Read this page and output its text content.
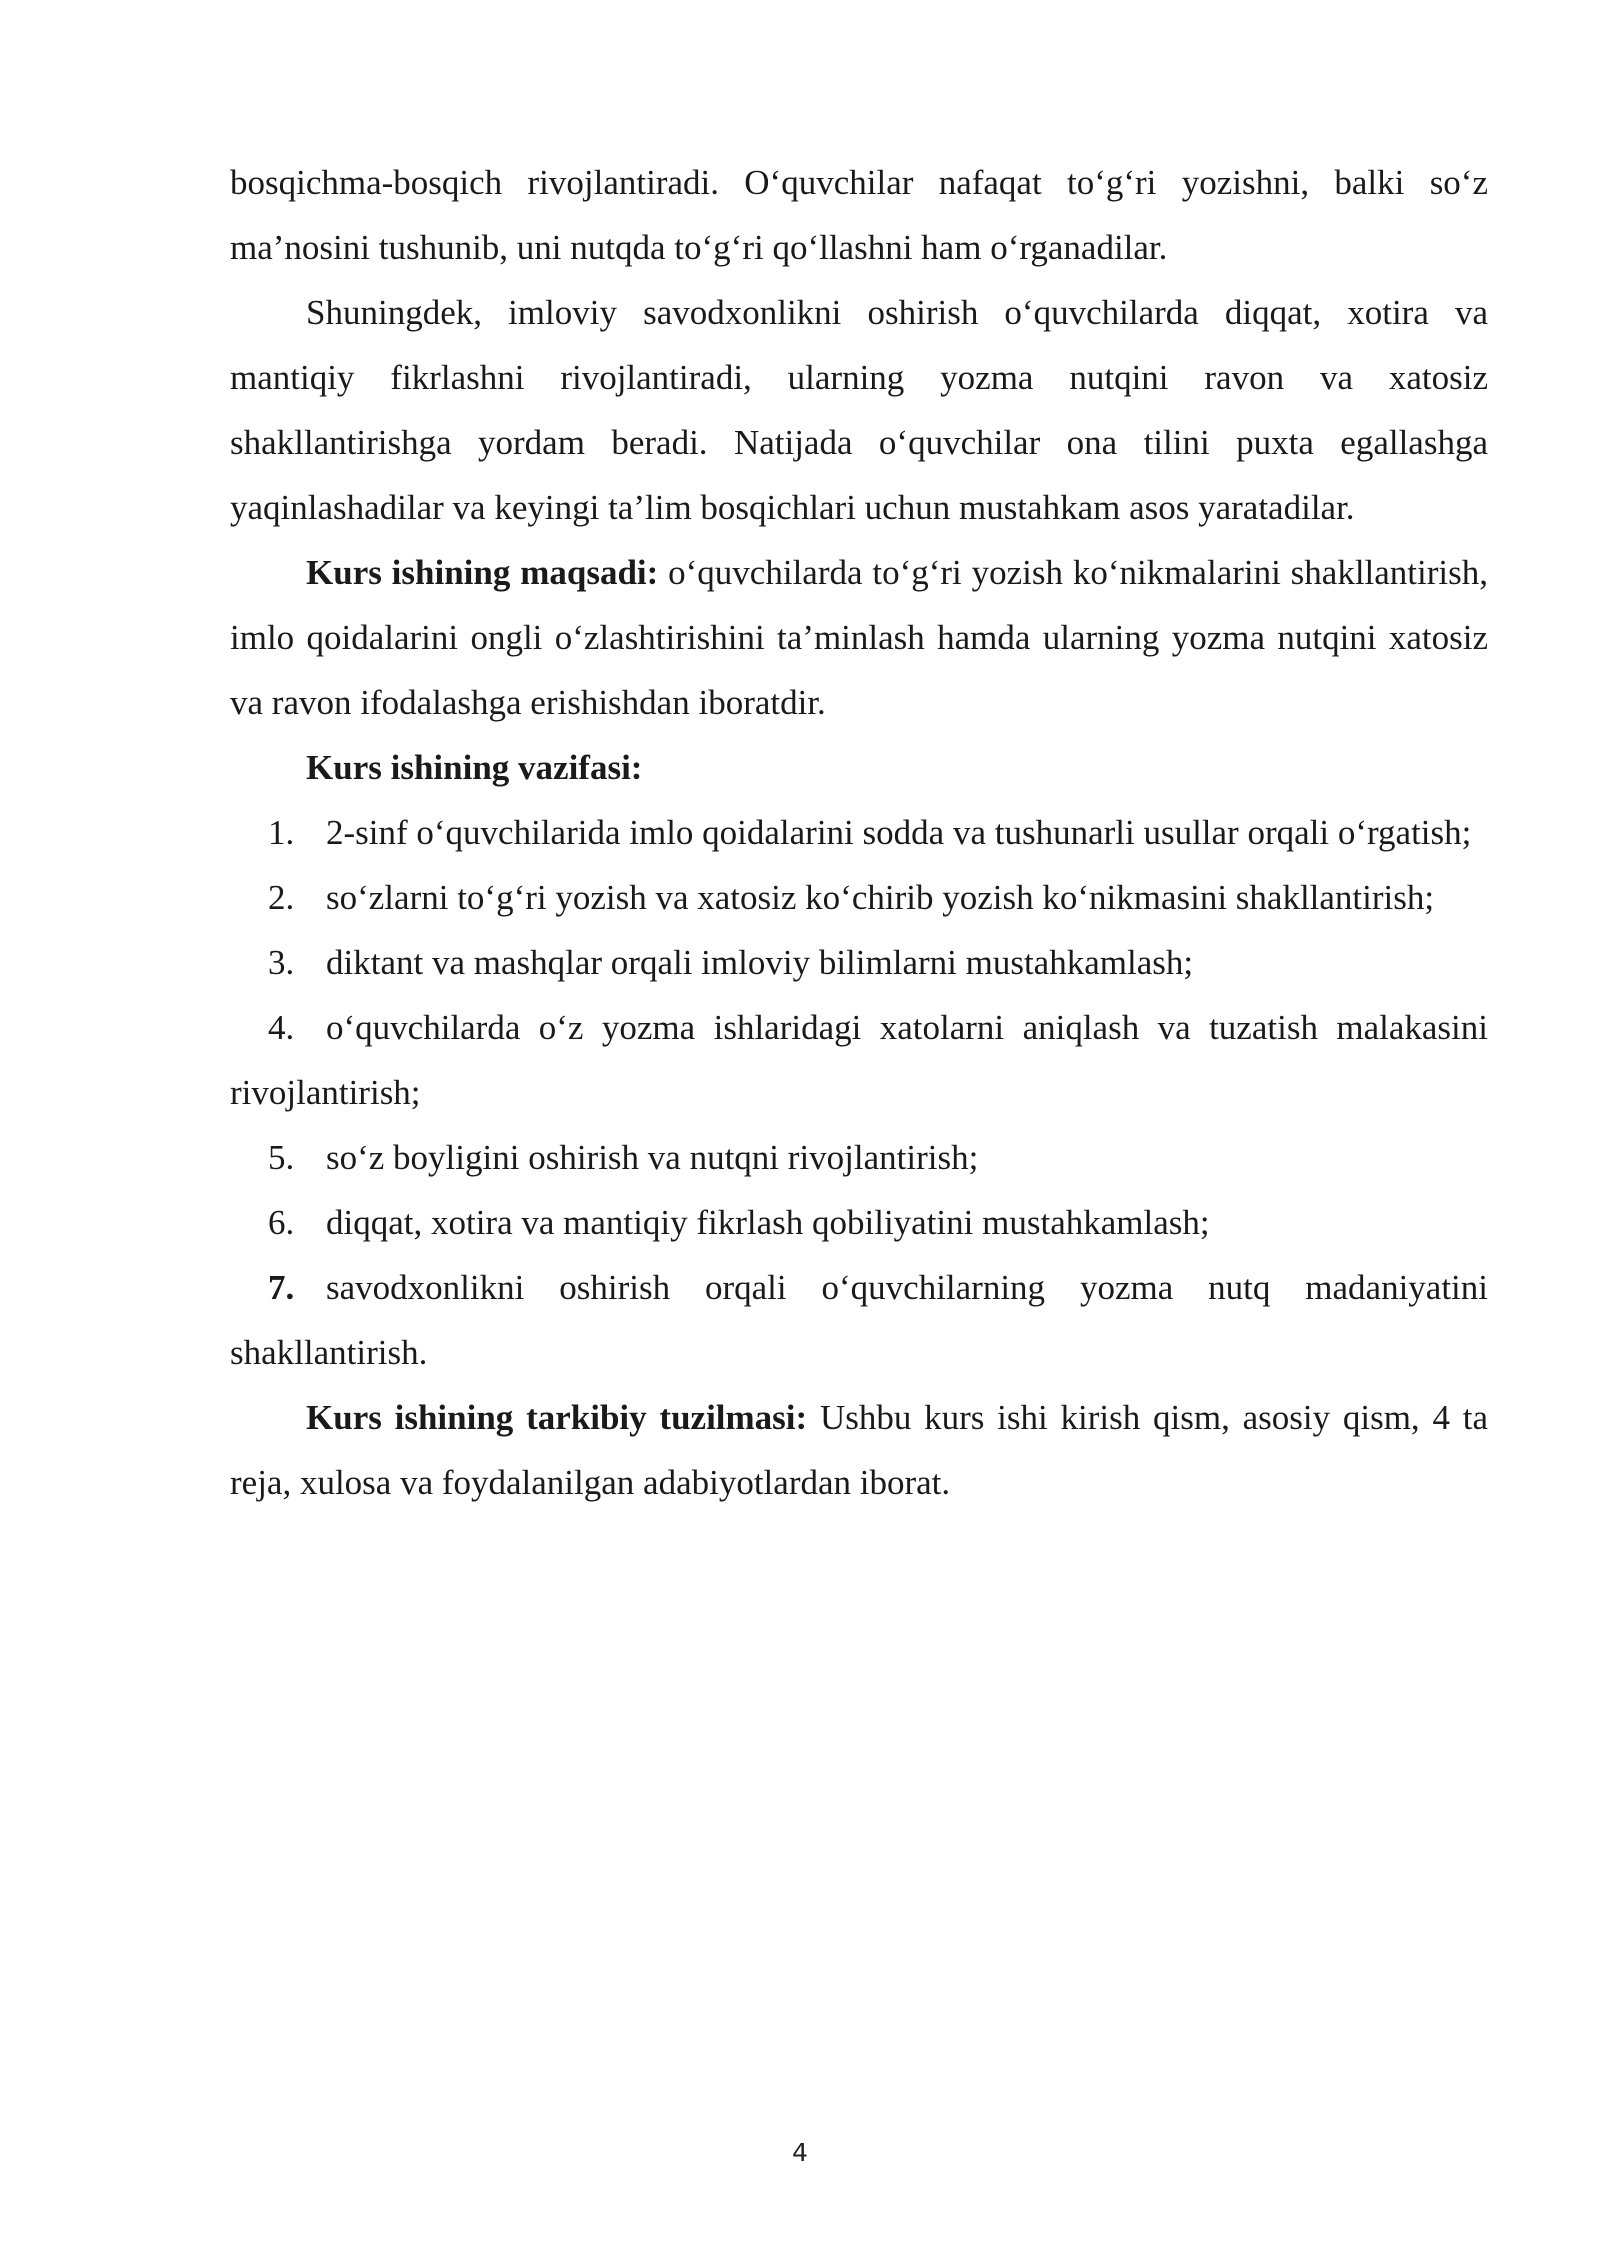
bosqichma-bosqich rivojlantiradi. O‘quvchilar nafaqat to‘g‘ri yozishni, balki so‘z ma’nosini tushunib, uni nutqda to‘g‘ri qo‘llashni ham o‘rganadilar.

Shuningdek, imloviy savodxonlikni oshirish o‘quvchilarda diqqat, xotira va mantiqiy fikrlashni rivojlantiradi, ularning yozma nutqini ravon va xatosiz shakllantirishga yordam beradi. Natijada o‘quvchilar ona tilini puxta egallashga yaqinlashadilar va keyingi ta’lim bosqichlari uchun mustahkam asos yaratadilar.

Kurs ishining maqsadi: o‘quvchilarda to‘g‘ri yozish ko‘nikmalarini shakllantirish, imlo qoidalarini ongli o‘zlashtirishini ta’minlash hamda ularning yozma nutqini xatosiz va ravon ifodalashga erishishdan iboratdir.

Kurs ishining vazifasi:

1. 2-sinf o‘quvchilarida imlo qoidalarini sodda va tushunarli usullar orqali o‘rgatish;

2. so‘zlarni to‘g‘ri yozish va xatosiz ko‘chirib yozish ko‘nikmasini shakllantirish;

3. diktant va mashqlar orqali imloviy bilimlarni mustahkamlash;

4. o‘quvchilarda o‘z yozma ishlaridagi xatolarni aniqlash va tuzatish malakasini rivojlantirish;

5. so‘z boyligini oshirish va nutqni rivojlantirish;

6. diqqat, xotira va mantiqiy fikrlash qobiliyatini mustahkamlash;

7. savodxonlikni oshirish orqali o‘quvchilarning yozma nutq madaniyatini shakllantirish.

Kurs ishining tarkibiy tuzilmasi: Ushbu kurs ishi kirish qism, asosiy qism, 4 ta reja, xulosa va foydalanilgan adabiyotlardan iborat.

4
